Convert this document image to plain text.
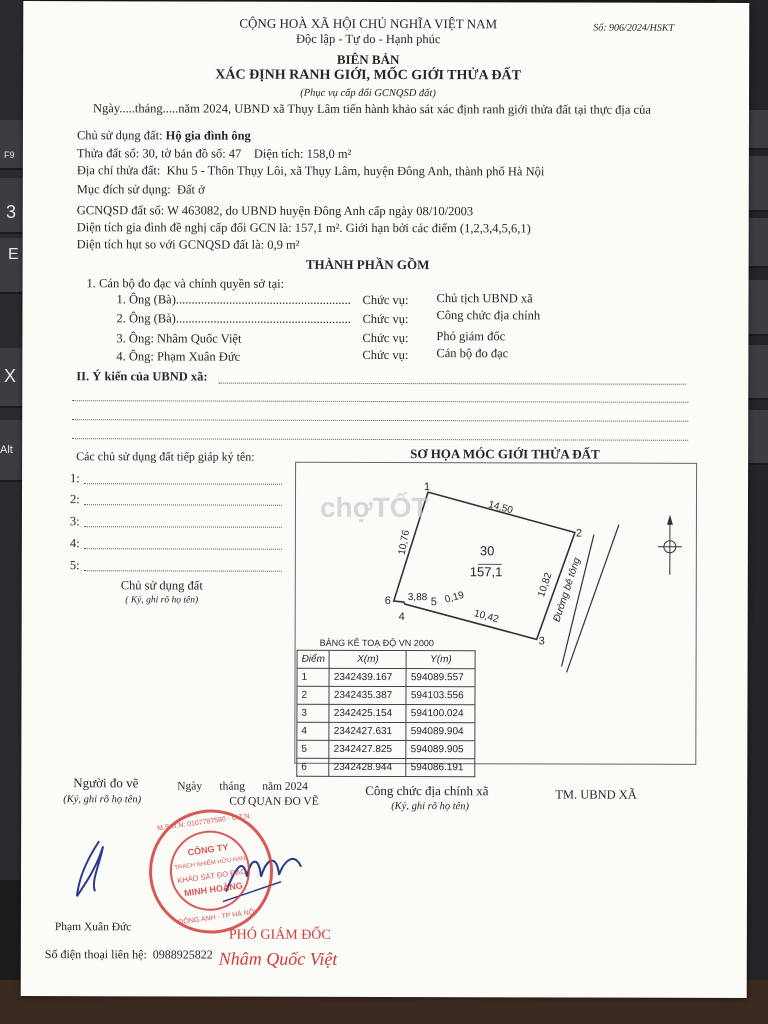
F9
3
E
X
Alt
Số: 906/2024/HSKT
CỘNG HOÀ XÃ HỘI CHỦ NGHĨA VIỆT NAM
Độc lập - Tự do - Hạnh phúc
BIÊN BẢN
XÁC ĐỊNH RANH GIỚI, MỐC GIỚI THỬA ĐẤT
(Phục vụ cấp đổi GCNQSD đất)
Ngày.....tháng.....năm 2024, UBND xã Thụy Lâm tiến hành khảo sát xác định ranh giới thửa đất tại thực địa của
Chủ sử dụng đất: Hộ gia đình ông
Thửa đất số: 30, tờ bản đồ số: 47 Diện tích: 158,0 m²
Địa chỉ thửa đất: Khu 5 - Thôn Thụy Lôi, xã Thụy Lâm, huyện Đông Anh, thành phố Hà Nội
Mục đích sử dụng: Đất ở
GCNQSD đất số: W 463082, do UBND huyện Đông Anh cấp ngày 08/10/2003
Diện tích gia đình đề nghị cấp đổi GCN là: 157,1 m². Giới hạn bởi các điểm (1,2,3,4,5,6,1)
Diện tích hụt so với GCNQSD đất là: 0,9 m²
THÀNH PHẦN GỒM
1. Cán bộ đo đạc và chính quyền sở tại:
1. Ông (Bà)........................................................ Chức vụ: Chủ tịch UBND xã
2. Ông (Bà)........................................................ Chức vụ: Công chức địa chính
3. Ông: Nhâm Quốc Việt	Chức vụ: Phó giám đốc
4. Ông: Phạm Xuân Đức	Chức vụ: Cán bộ đo đạc
II. Ý kiến của UBND xã:
Các chủ sử dụng đất tiếp giáp ký tên:
1:
2:
3:
4:
5:
Chủ sử dụng đất
( Ký, ghi rõ họ tên)
SƠ HỌA MÓC GIỚI THỬA ĐẤT
1
2
3
4
5
6
14,50
10,82
10,42
0,19
3,88
10,76	30
157,1	Đường bê tông
chợTỐT
BẢNG KÊ TOẠ ĐỘ VN 2000
Điểm	X(m)	Y(m)
1	2342439.167	594089.557
2	2342435.387	594103.556
3	2342425.154	594100.024
4	2342427.631	594089.904
5	2342427.825	594089.905
6	2342428.944	594086.191
Người đo vẽ
(Ký, ghi rõ họ tên)
Ngày      tháng      năm 2024
CƠ QUAN ĐO VẼ
Công chức địa chính xã
(Ký, ghi rõ họ tên)
TM. UBND XÃ
M.S.D.N: 0107787580 - C.T.N.
CÔNG TY
TRÁCH NHIỆM HỮU HẠN
KHẢO SÁT ĐO ĐẠC
MINH HOÀNG
ĐÔNG ANH - TP HÀ NỘI
Phạm Xuân Đức
PHÓ GIÁM ĐỐC
Số điện thoại liên hệ: 0988925822 Nhâm Quốc Việt
